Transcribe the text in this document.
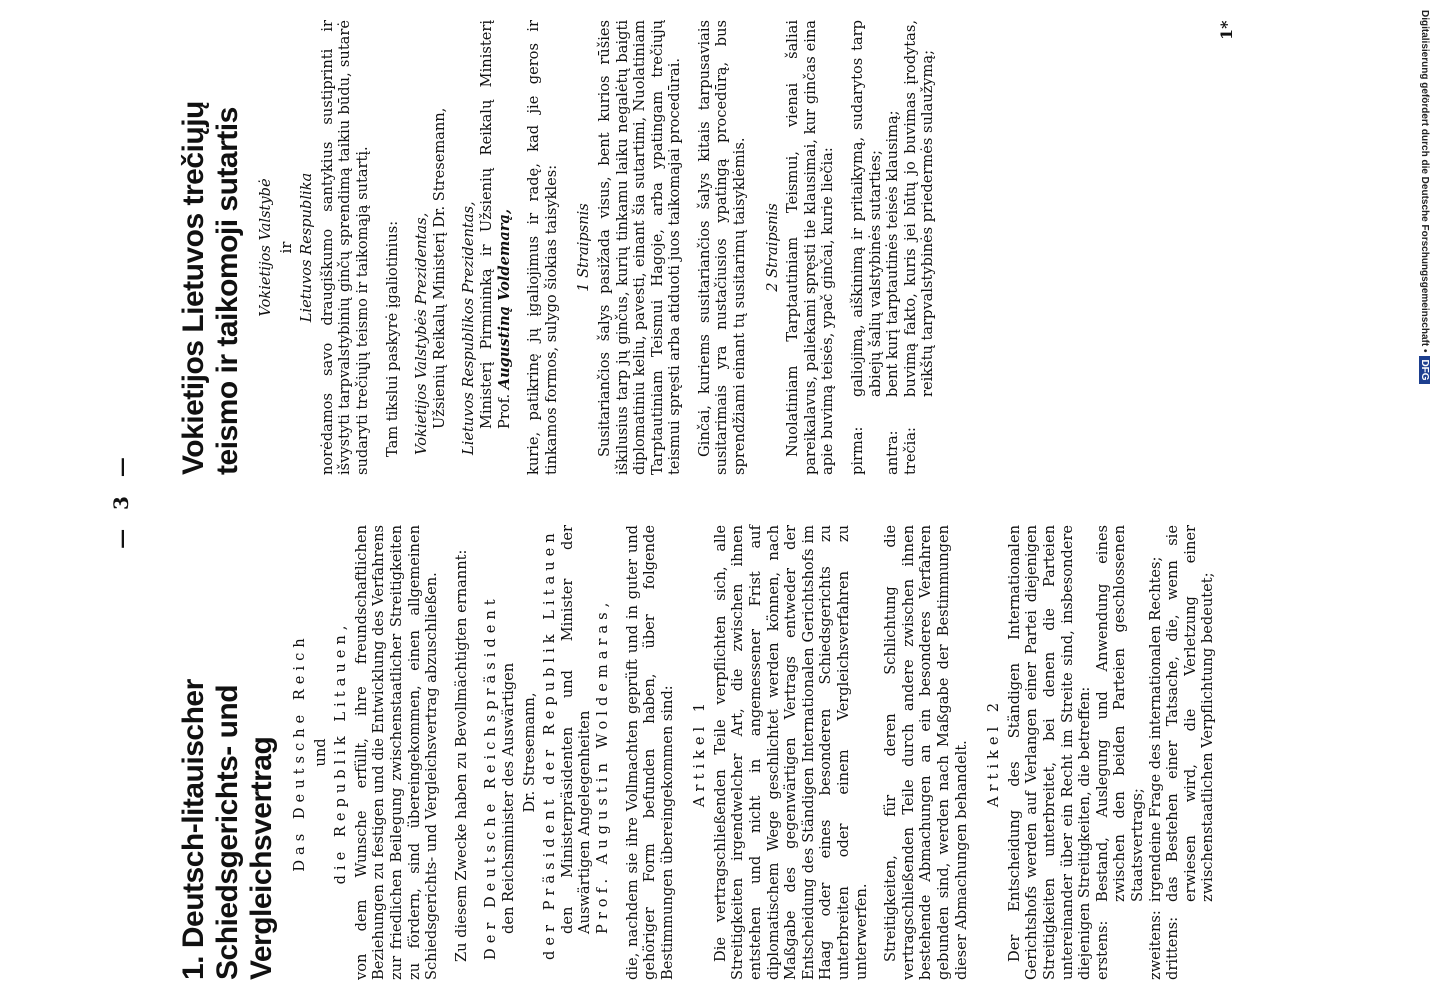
— 3 —
1. Deutsch-litauischer Schiedsgerichts- und Vergleichsvertrag Das Deutsche Reich und die Republik Litauen, von dem Wunsche erfüllt, ihre freundschaftlichen Beziehungen zu festigen und die Entwicklung des Verfahrens zur friedlichen Beilegung zwischenstaatlicher Streitigkeiten zu fördern, sind übereingekommen, einen allgemeinen Schiedsgerichts- und Vergleichsvertrag abzuschließen. Zu diesem Zwecke haben zu Bevollmächtigten ernannt: Der Deutsche Reichspräsident den Reichsminister des Auswärtigen Dr. Stresemann, der Präsident der Republik Litauen den Ministerpräsidenten und Minister der Auswärtigen Angelegenheiten Prof. Augustin Woldemaras, die, nachdem sie ihre Vollmachten geprüft und in guter und gehöriger Form befunden haben, über folgende Bestimmungen übereingekommen sind: Artikel 1 Die vertragschließenden Teile verpflichten sich, alle Streitigkeiten irgendwelcher Art, die zwischen ihnen entstehen und nicht in angemessener Frist auf diplomatischem Wege geschlichtet werden können, nach Maßgabe des gegenwärtigen Vertrags entweder der Entscheidung des Ständigen Internationalen Gerichtshofs im Haag oder eines besonderen Schiedsgerichts zu unterbreiten oder einem Vergleichsverfahren zu unterwerfen. Streitigkeiten, für deren Schlichtung die vertragschließenden Teile durch andere zwischen ihnen bestehende Abmachungen an ein besonderes Verfahren gebunden sind, werden nach Maßgabe der Bestimmungen dieser Abmachungen behandelt. Artikel 2 Der Entscheidung des Ständigen Internationalen Gerichtshofs werden auf Verlangen einer Partei diejenigen Streitigkeiten unterbreitet, bei denen die Parteien untereinander über ein Recht im Streite sind, insbesondere diejenigen Streitigkeiten, die betreffen: erstens:
Bestand, Auslegung und Anwendung eines zwischen den beiden Parteien geschlossenen Staatsvertrags;
zweitens:
irgendeine Frage des internationalen Rechtes;
drittens:
das Bestehen einer Tatsache, die, wenn sie erwiesen wird, die Verletzung einer zwischenstaatlichen Verpflichtung bedeutet;
Vokietijos Lietuvos trečiųjų teismo ir taikomoji sutartis Vokietijos Valstybė ir Lietuvos Respublika norėdamos savo draugiškumo santykius sustiprinti ir išvystyti tarpvalstybinių ginčų sprendimą taikiu būdu, sutarė sudaryti trečiųjų teismo ir taikomąją sutartį. Tam tikslui paskyrė įgaliotinius: Vokietijos Valstybės Prezidentas, Užsienių Reikalų Ministerį Dr. Stresemann, Lietuvos Respublikos Prezidentas, Ministerį Pirmininką ir Užsienių Reikalų Ministerį Prof. Augustiną Voldemarą, kurie, patikrinę jų įgaliojimus ir radę, kad jie geros ir tinkamos formos, sulygo šiokias taisykles: 1 Straipsnis Susitariančios šalys pasižada visus, bent kurios rūšies iškilusius tarp jų ginčus, kurių tinkamu laiku negalėtų baigti diplomatiniu keliu, pavesti, einant šia sutartimi, Nuolatiniam Tarptautiniam Teismui Hagoje, arba ypatingam trečiųjų teismui spręsti arba atiduoti juos taikomajai procedūrai. Ginčai, kuriems susitariančios šalys kitais tarpusaviais susitarimais yra nustačiusios ypatingą procedūrą, bus sprendžiami einant tų susitarimų taisyklėmis. 2 Straipsnis Nuolatiniam Tarptautiniam Teismui, vienai šaliai pareikalavus, paliekami spręsti tie klausimai, kur ginčas eina apie buvimą teisės, ypač ginčai, kurie liečia: pirma:
galiojimą, aiškinimą ir pritaikymą, sudarytos tarp abiejų šalių valstybinės sutarties;
antra:
bent kurį tarptautinės teisės klausimą;
trečia:
buvimą fakto, kuris jei būtų jo buvimas įrodytas, reikštų tarpvalstybinės priedermės sulaužymą;
1*	Digitalisierung gefördert durch die Deutsche Forschungsgemeinschaft •DFG
